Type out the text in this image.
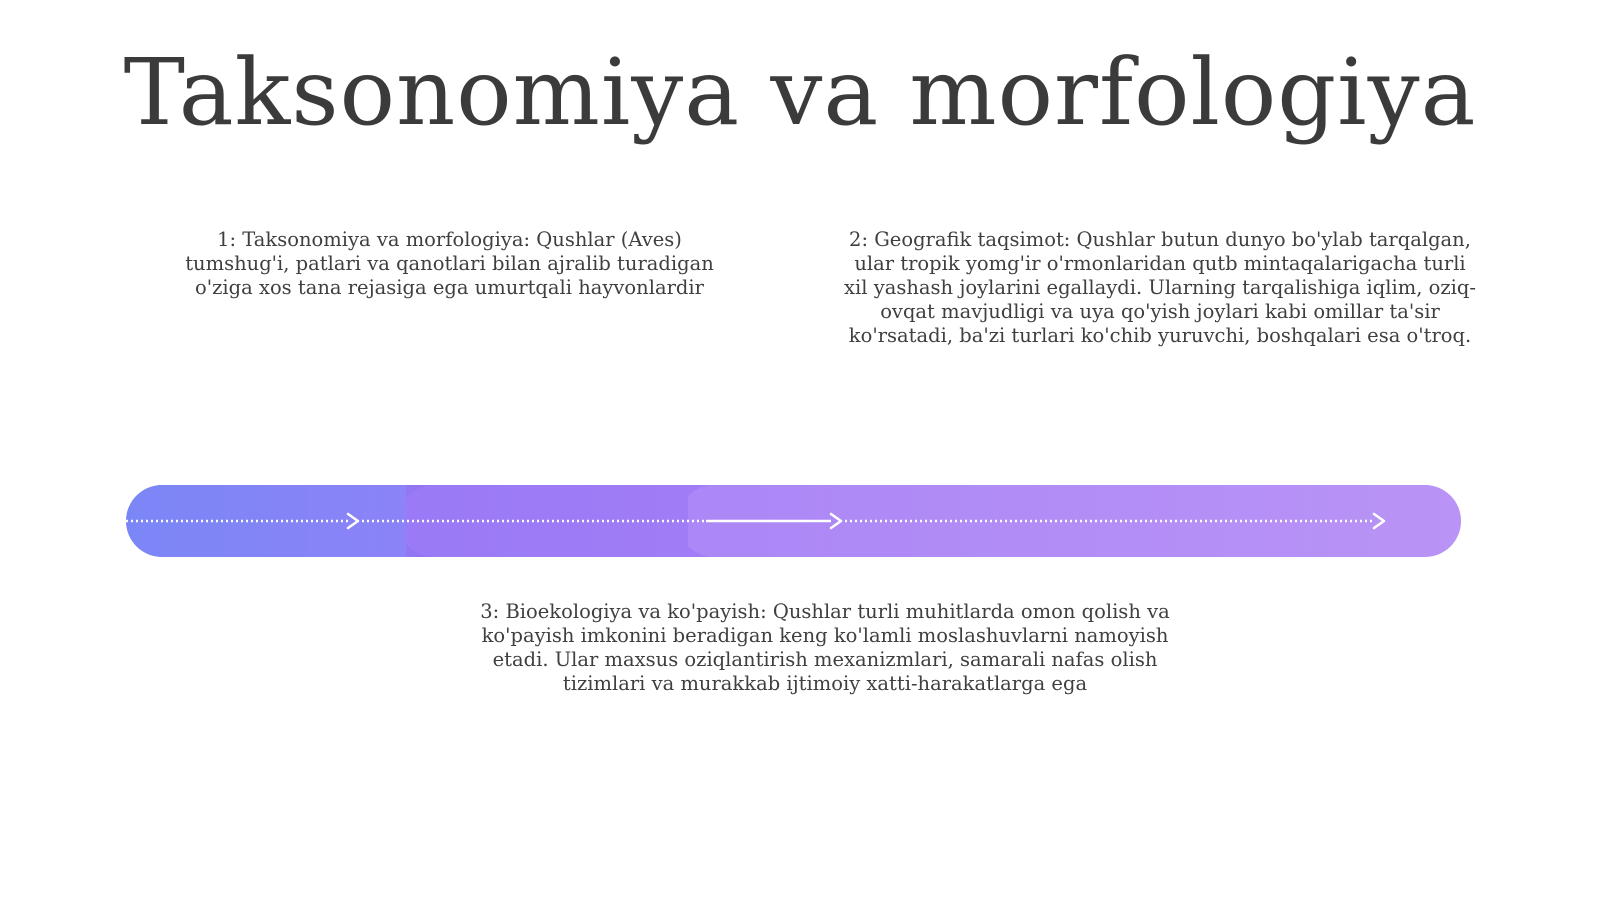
Taksonomiya va morfologiya

1: Taksonomiya va morfologiya: Qushlar (Aves) tumshug'i, patlari va qanotlari bilan ajralib turadigan o'ziga xos tana rejasiga ega umurtqali hayvonlardir

2: Geografik taqsimot: Qushlar butun dunyo bo'ylab tarqalgan, ular tropik yomg'ir o'rmonlaridan qutb mintaqalarigacha turli xil yashash joylarini egallaydi. Ularning tarqalishiga iqlim, oziq-ovqat mavjudligi va uya qo'yish joylari kabi omillar ta'sir ko'rsatadi, ba'zi turlari ko'chib yuruvchi, boshqalari esa o'troq.

3: Bioekologiya va ko'payish: Qushlar turli muhitlarda omon qolish va ko'payish imkonini beradigan keng ko'lamli moslashuvlarni namoyish etadi. Ular maxsus oziqlantirish mexanizmlari, samarali nafas olish tizimlari va murakkab ijtimoiy xatti-harakatlarga ega
